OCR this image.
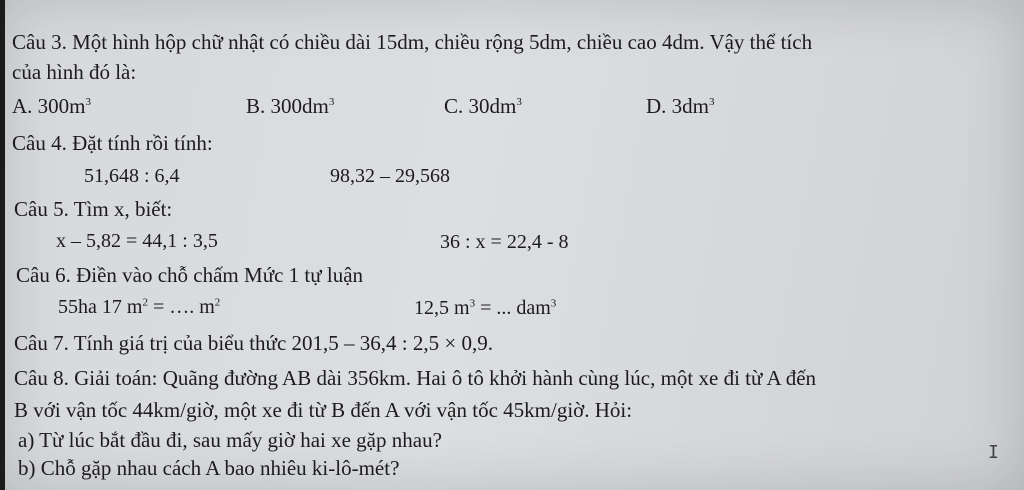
Câu 3. Một hình hộp chữ nhật có chiều dài 15dm, chiều rộng 5dm, chiều cao 4dm. Vậy thể tích
của hình đó là:
A. $300m^3$	B. $300dm^3$	C. $30dm^3$	D. $3dm^3$
Câu 4. Đặt tính rồi tính:
51,648 : 6,4	98,32 – 29,568
Câu 5. Tìm x, biết:
x – 5,82 = 44,1 : 3,5	36 : x = 22,4 - 8
Câu 6. Điền vào chỗ chấm Mức 1 tự luận
55ha 17 $m^2$ = …. $m^2$	12,5 $m^3$ = ... dam$^3$
Câu 7. Tính giá trị của biểu thức 201,5 – 36,4 : 2,5 × 0,9.
Câu 8. Giải toán: Quãng đường AB dài 356km. Hai ô tô khởi hành cùng lúc, một xe đi từ A đến
B với vận tốc 44km/giờ, một xe đi từ B đến A với vận tốc 45km/giờ. Hỏi:
a) Từ lúc bắt đầu đi, sau mấy giờ hai xe gặp nhau?
b) Chỗ gặp nhau cách A bao nhiêu ki-lô-mét?
I
